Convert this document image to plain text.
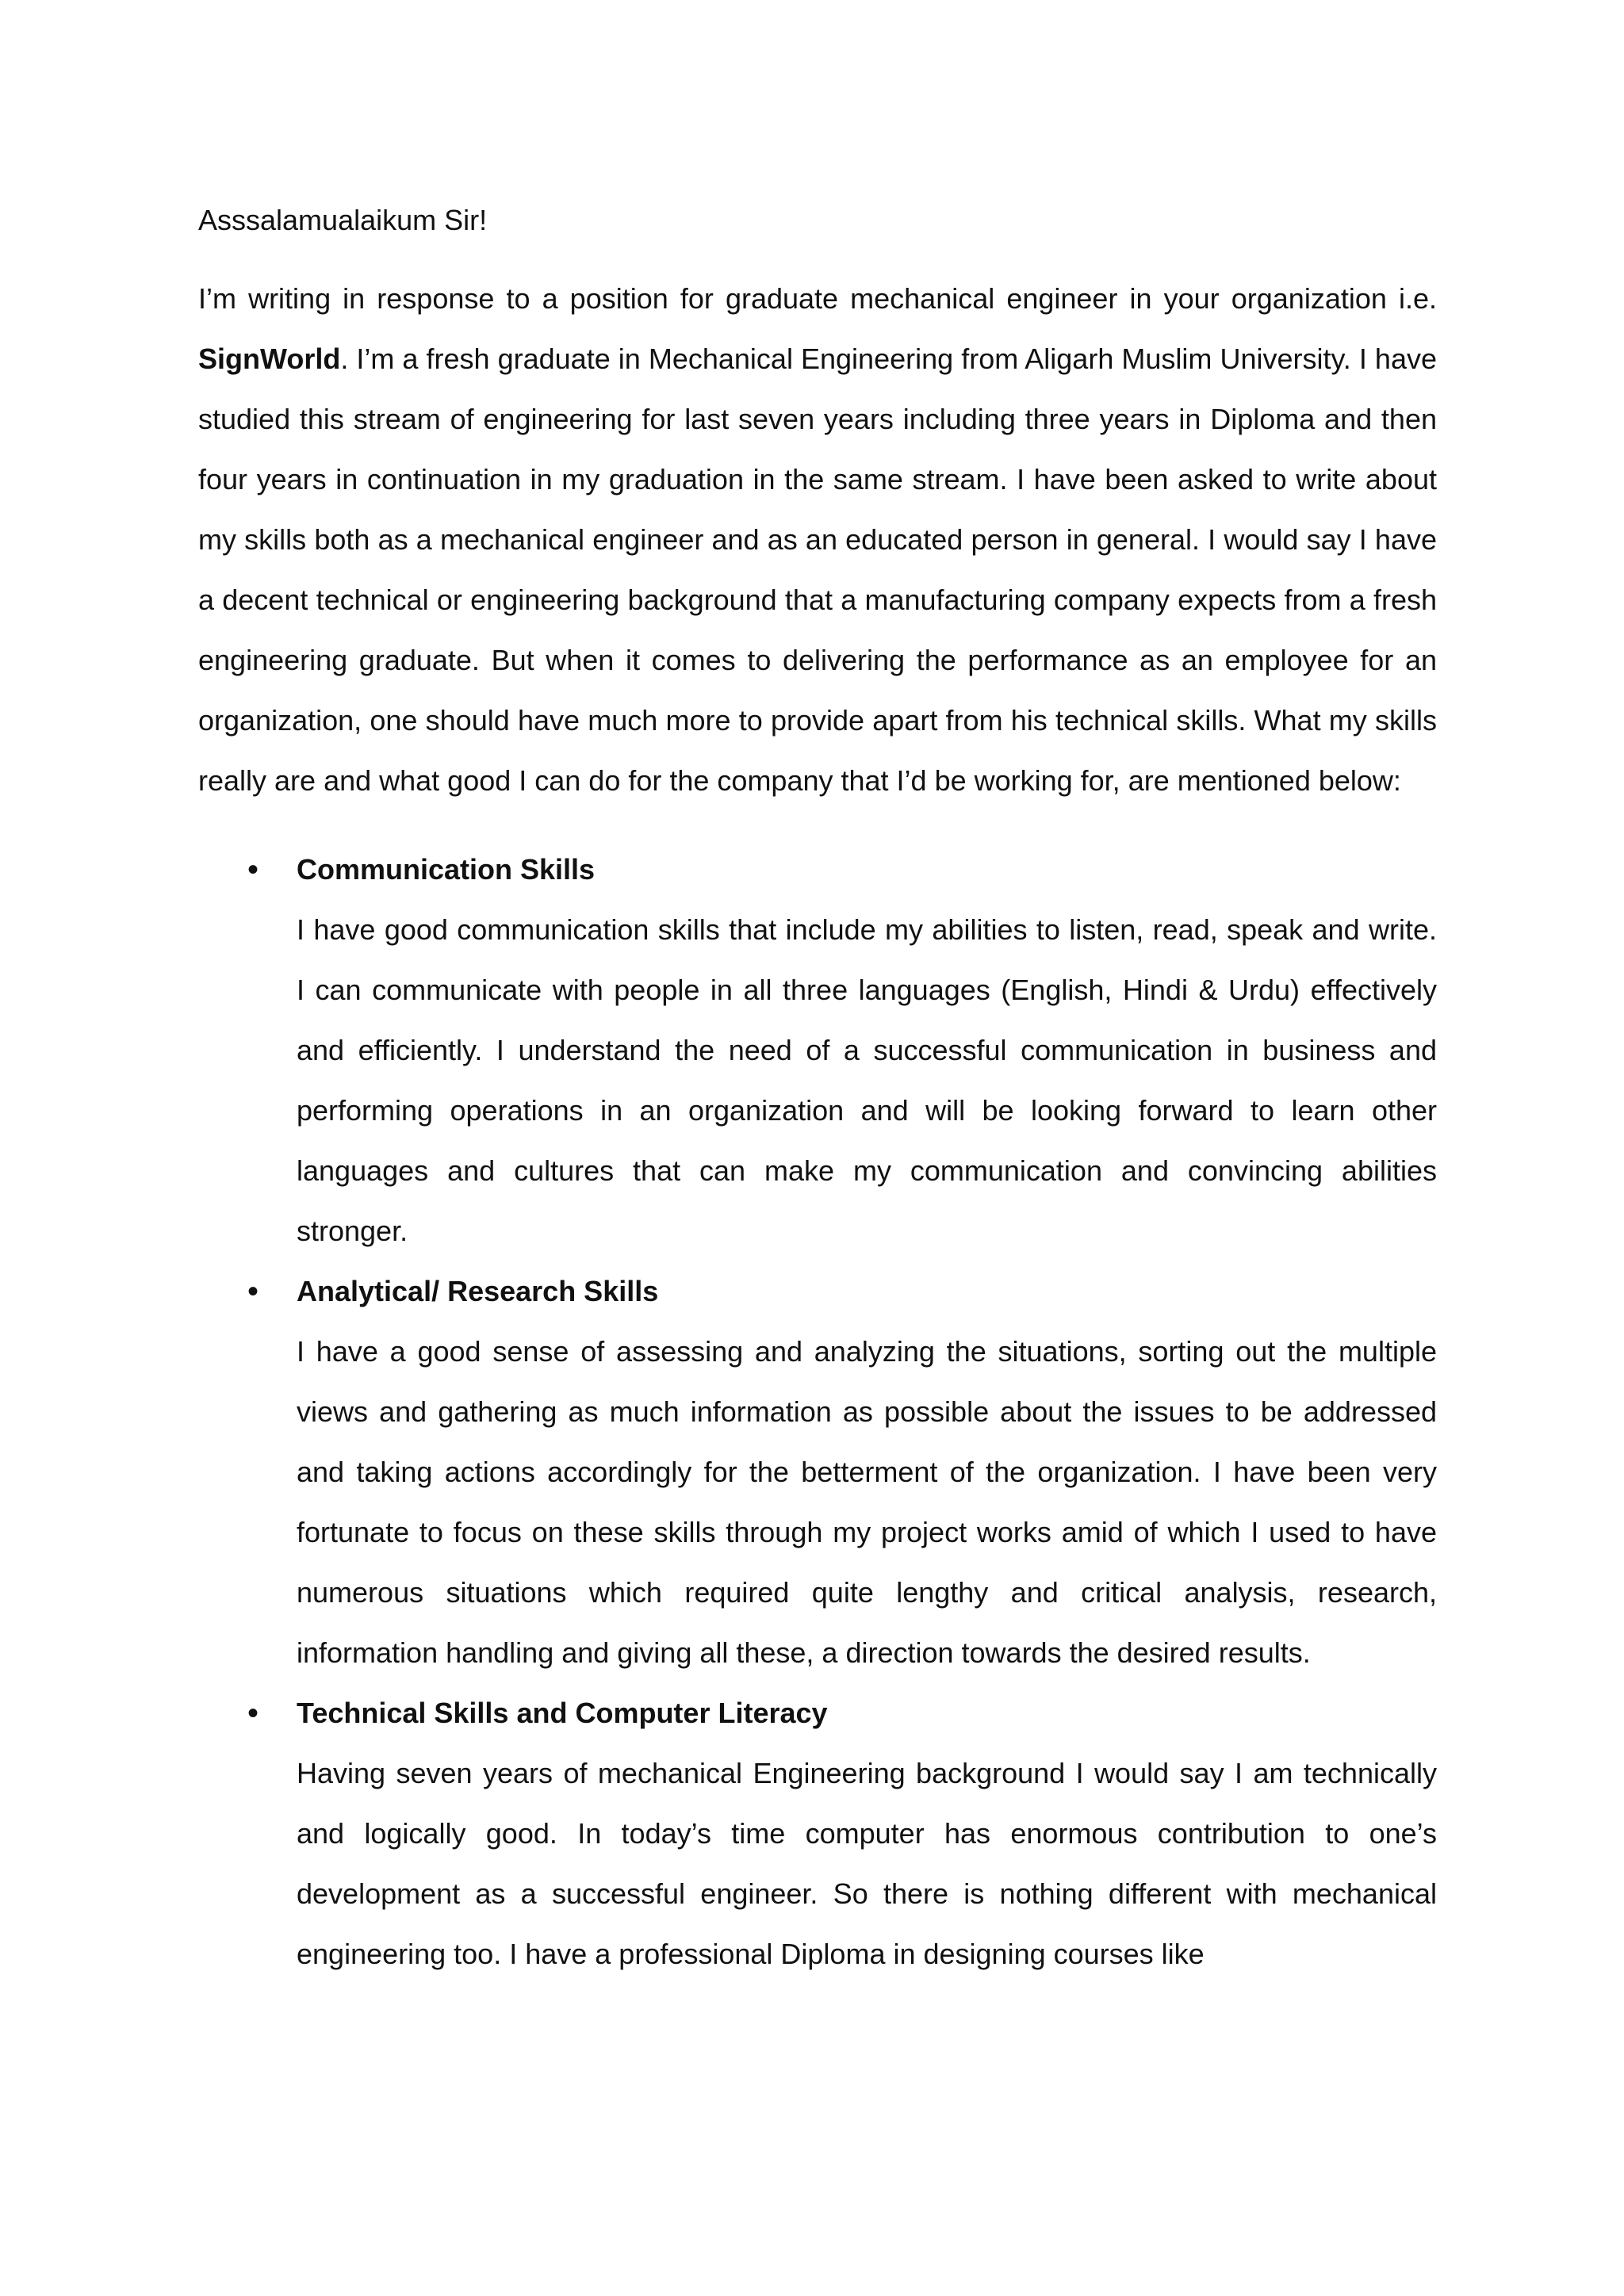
Asssalamualaikum Sir!

I’m writing in response to a position for graduate mechanical engineer in your organization i.e. SignWorld. I’m a fresh graduate in Mechanical Engineering from Aligarh Muslim University. I have studied this stream of engineering for last seven years including three years in Diploma and then four years in continuation in my graduation in the same stream. I have been asked to write about my skills both as a mechanical engineer and as an educated person in general. I would say I have a decent technical or engineering background that a manufacturing company expects from a fresh engineering graduate. But when it comes to delivering the performance as an employee for an organization, one should have much more to provide apart from his technical skills. What my skills really are and what good I can do for the company that I’d be working for, are mentioned below:

• Communication Skills
I have good communication skills that include my abilities to listen, read, speak and write. I can communicate with people in all three languages (English, Hindi & Urdu) effectively and efficiently. I understand the need of a successful communication in business and performing operations in an organization and will be looking forward to learn other languages and cultures that can make my communication and convincing abilities stronger.
• Analytical/ Research Skills
I have a good sense of assessing and analyzing the situations, sorting out the multiple views and gathering as much information as possible about the issues to be addressed and taking actions accordingly for the betterment of the organization. I have been very fortunate to focus on these skills through my project works amid of which I used to have numerous situations which required quite lengthy and critical analysis, research, information handling and giving all these, a direction towards the desired results.
• Technical Skills and Computer Literacy
Having seven years of mechanical Engineering background I would say I am technically and logically good. In today’s time computer has enormous contribution to one’s development as a successful engineer. So there is nothing different with mechanical engineering too. I have a professional Diploma in designing courses like
